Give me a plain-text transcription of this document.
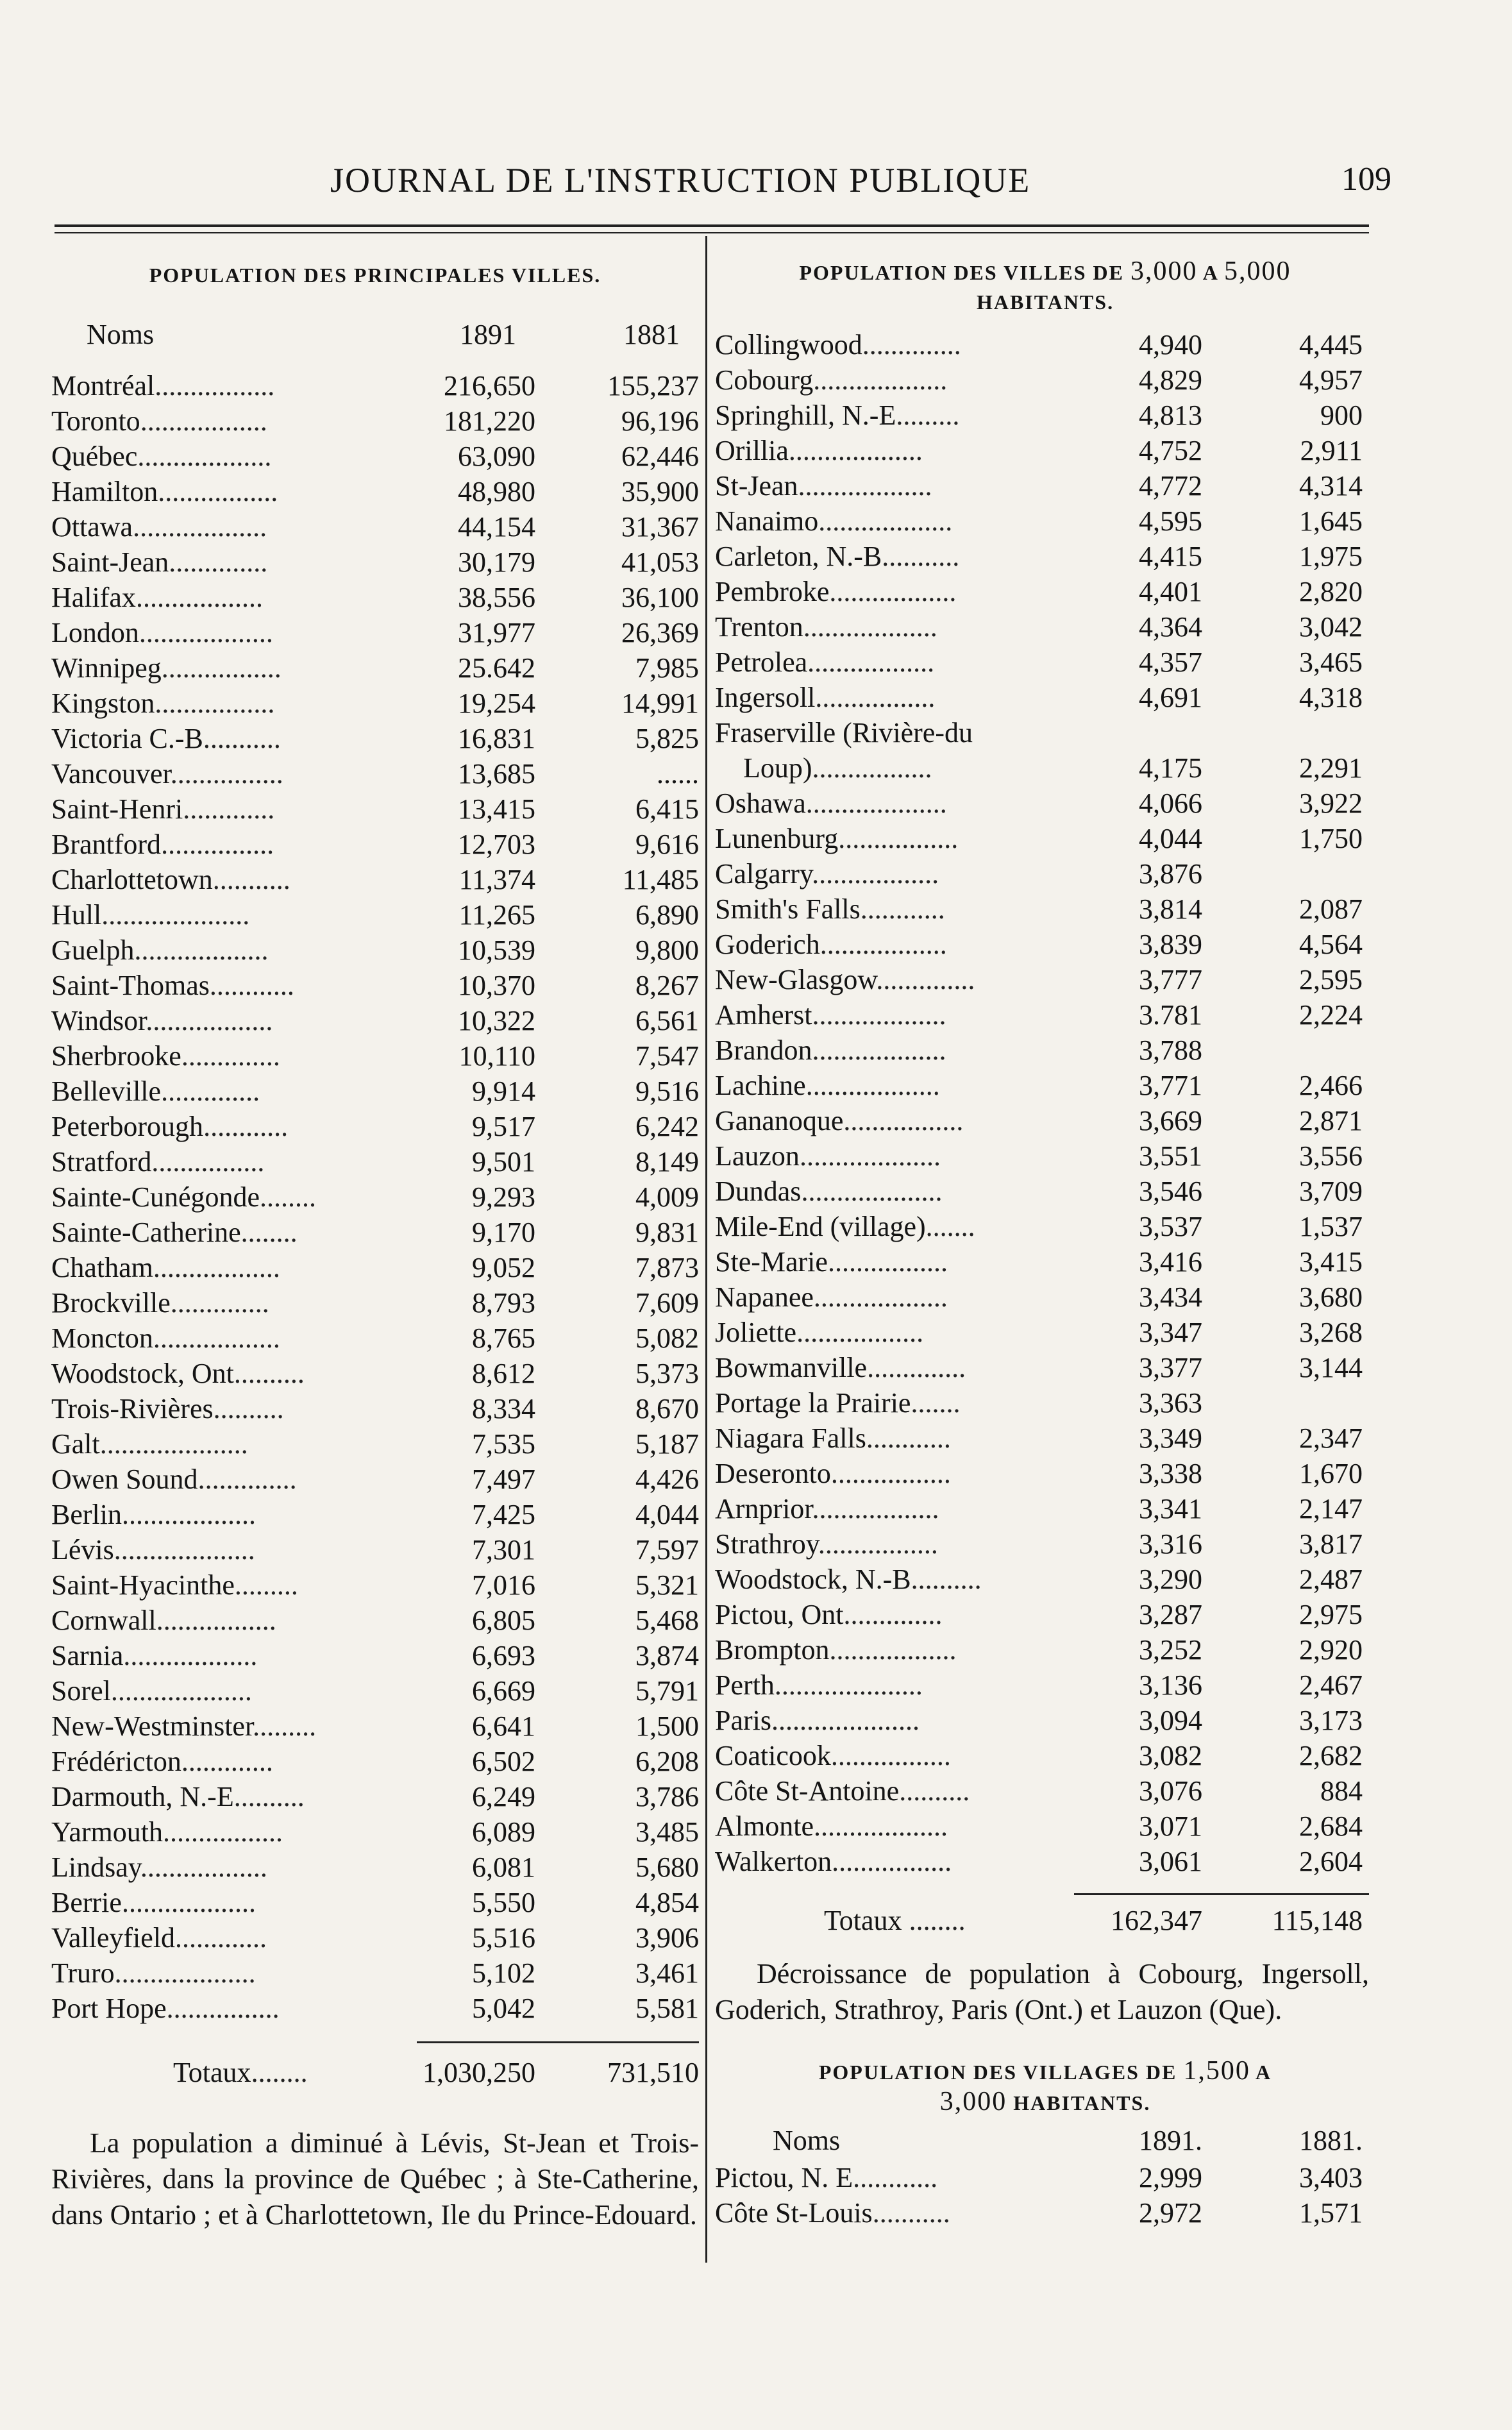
JOURNAL DE L'INSTRUCTION PUBLIQUE	109

POPULATION DES PRINCIPALES VILLES.

Noms	1891	1881
Montréal.................	216,650	155,237
Toronto..................	181,220	96,196
Québec...................	63,090	62,446
Hamilton.................	48,980	35,900
Ottawa...................	44,154	31,367
Saint-Jean..............	30,179	41,053
Halifax..................	38,556	36,100
London...................	31,977	26,369
Winnipeg.................	25.642	7,985
Kingston.................	19,254	14,991
Victoria C.-B...........	16,831	5,825
Vancouver................	13,685	......
Saint-Henri.............	13,415	6,415
Brantford................	12,703	9,616
Charlottetown...........	11,374	11,485
Hull.....................	11,265	6,890
Guelph...................	10,539	9,800
Saint-Thomas............	10,370	8,267
Windsor..................	10,322	6,561
Sherbrooke..............	10,110	7,547
Belleville..............	9,914	9,516
Peterborough............	9,517	6,242
Stratford................	9,501	8,149
Sainte-Cunégonde........	9,293	4,009
Sainte-Catherine........	9,170	9,831
Chatham..................	9,052	7,873
Brockville..............	8,793	7,609
Moncton..................	8,765	5,082
Woodstock, Ont..........	8,612	5,373
Trois-Rivières..........	8,334	8,670
Galt.....................	7,535	5,187
Owen Sound..............	7,497	4,426
Berlin...................	7,425	4,044
Lévis....................	7,301	7,597
Saint-Hyacinthe.........	7,016	5,321
Cornwall.................	6,805	5,468
Sarnia...................	6,693	3,874
Sorel....................	6,669	5,791
New-Westminster.........	6,641	1,500
Frédéricton.............	6,502	6,208
Darmouth, N.-E..........	6,249	3,786
Yarmouth.................	6,089	3,485
Lindsay..................	6,081	5,680
Berrie...................	5,550	4,854
Valleyfield.............	5,516	3,906
Truro....................	5,102	3,461
Port Hope................	5,042	5,581
Totaux........	1,030,250	731,510

La population a diminué à Lévis, St-Jean et Trois-Rivières, dans la province de Québec ; à Ste-Catherine, dans Ontario ; et à Charlottetown, Ile du Prince-Edouard.

POPULATION DES VILLES DE 3,000 A 5,000
HABITANTS.

Collingwood..............	4,940	4,445
Cobourg...................	4,829	4,957
Springhill, N.-E.........	4,813	900
Orillia...................	4,752	2,911
St-Jean...................	4,772	4,314
Nanaimo...................	4,595	1,645
Carleton, N.-B...........	4,415	1,975
Pembroke..................	4,401	2,820
Trenton...................	4,364	3,042
Petrolea..................	4,357	3,465
Ingersoll.................	4,691	4,318
Fraserville (Rivière-du
Loup).................	4,175	2,291
Oshawa....................	4,066	3,922
Lunenburg.................	4,044	1,750
Calgarry..................	3,876
Smith's Falls............	3,814	2,087
Goderich..................	3,839	4,564
New-Glasgow..............	3,777	2,595
Amherst...................	3.781	2,224
Brandon...................	3,788
Lachine...................	3,771	2,466
Gananoque.................	3,669	2,871
Lauzon....................	3,551	3,556
Dundas....................	3,546	3,709
Mile-End (village).......	3,537	1,537
Ste-Marie.................	3,416	3,415
Napanee...................	3,434	3,680
Joliette..................	3,347	3,268
Bowmanville..............	3,377	3,144
Portage la Prairie.......	3,363
Niagara Falls............	3,349	2,347
Deseronto.................	3,338	1,670
Arnprior..................	3,341	2,147
Strathroy.................	3,316	3,817
Woodstock, N.-B..........	3,290	2,487
Pictou, Ont..............	3,287	2,975
Brompton..................	3,252	2,920
Perth.....................	3,136	2,467
Paris.....................	3,094	3,173
Coaticook.................	3,082	2,682
Côte St-Antoine..........	3,076	884
Almonte...................	3,071	2,684
Walkerton.................	3,061	2,604
Totaux ........	162,347 115,148

Décroissance de population à Cobourg, Ingersoll, Goderich, Strathroy, Paris (Ont.) et Lauzon (Que).

POPULATION DES VILLAGES DE 1,500 A
3,000 HABITANTS.

Noms	1891.	1881.
Pictou, N. E............	2,999	3,403
Côte St-Louis...........	2,972	1,571
